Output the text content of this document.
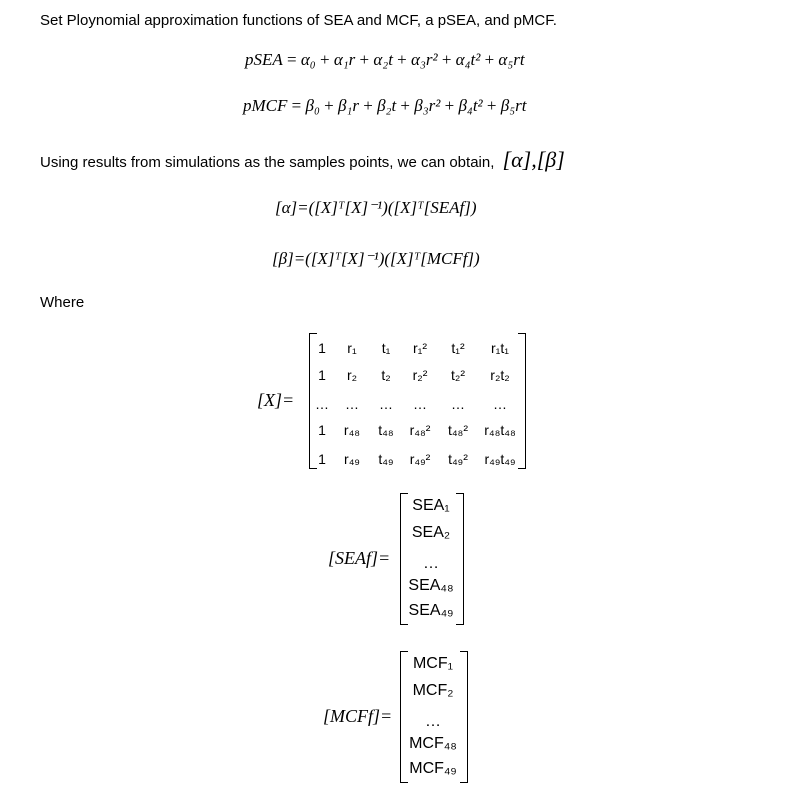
Set Ploynomial approximation functions of SEA and MCF, a pSEA, and pMCF.
pSEA = α₀ + α₁r + α₂t + α₃r² + α₄t² + α₅rt
pMCF = β₀ + β₁r + β₂t + β₃r² + β₄t² + β₅rt
Using results from simulations as the samples points, we can obtain, [α],[β]
[α]=([X]ᵀ[X]⁻¹)([X]ᵀ[SEAf])
[β]=([X]ᵀ[X]⁻¹)([X]ᵀ[MCFf])
Where
[X]=
1	r₁	t₁	r₁²	t₁²	r₁t₁
1	r₂	t₂	r₂²	t₂²	r₂t₂
…	…	…	…	…	…
1	r₄₈	t₄₈	r₄₈²	t₄₈²	r₄₈t₄₈
1	r₄₉	t₄₉	r₄₉²	t₄₉²	r₄₉t₄₉
[SEAf]=
SEA₁
SEA₂
…
SEA₄₈
SEA₄₉
[MCFf]=
MCF₁
MCF₂
…
MCF₄₈
MCF₄₉
